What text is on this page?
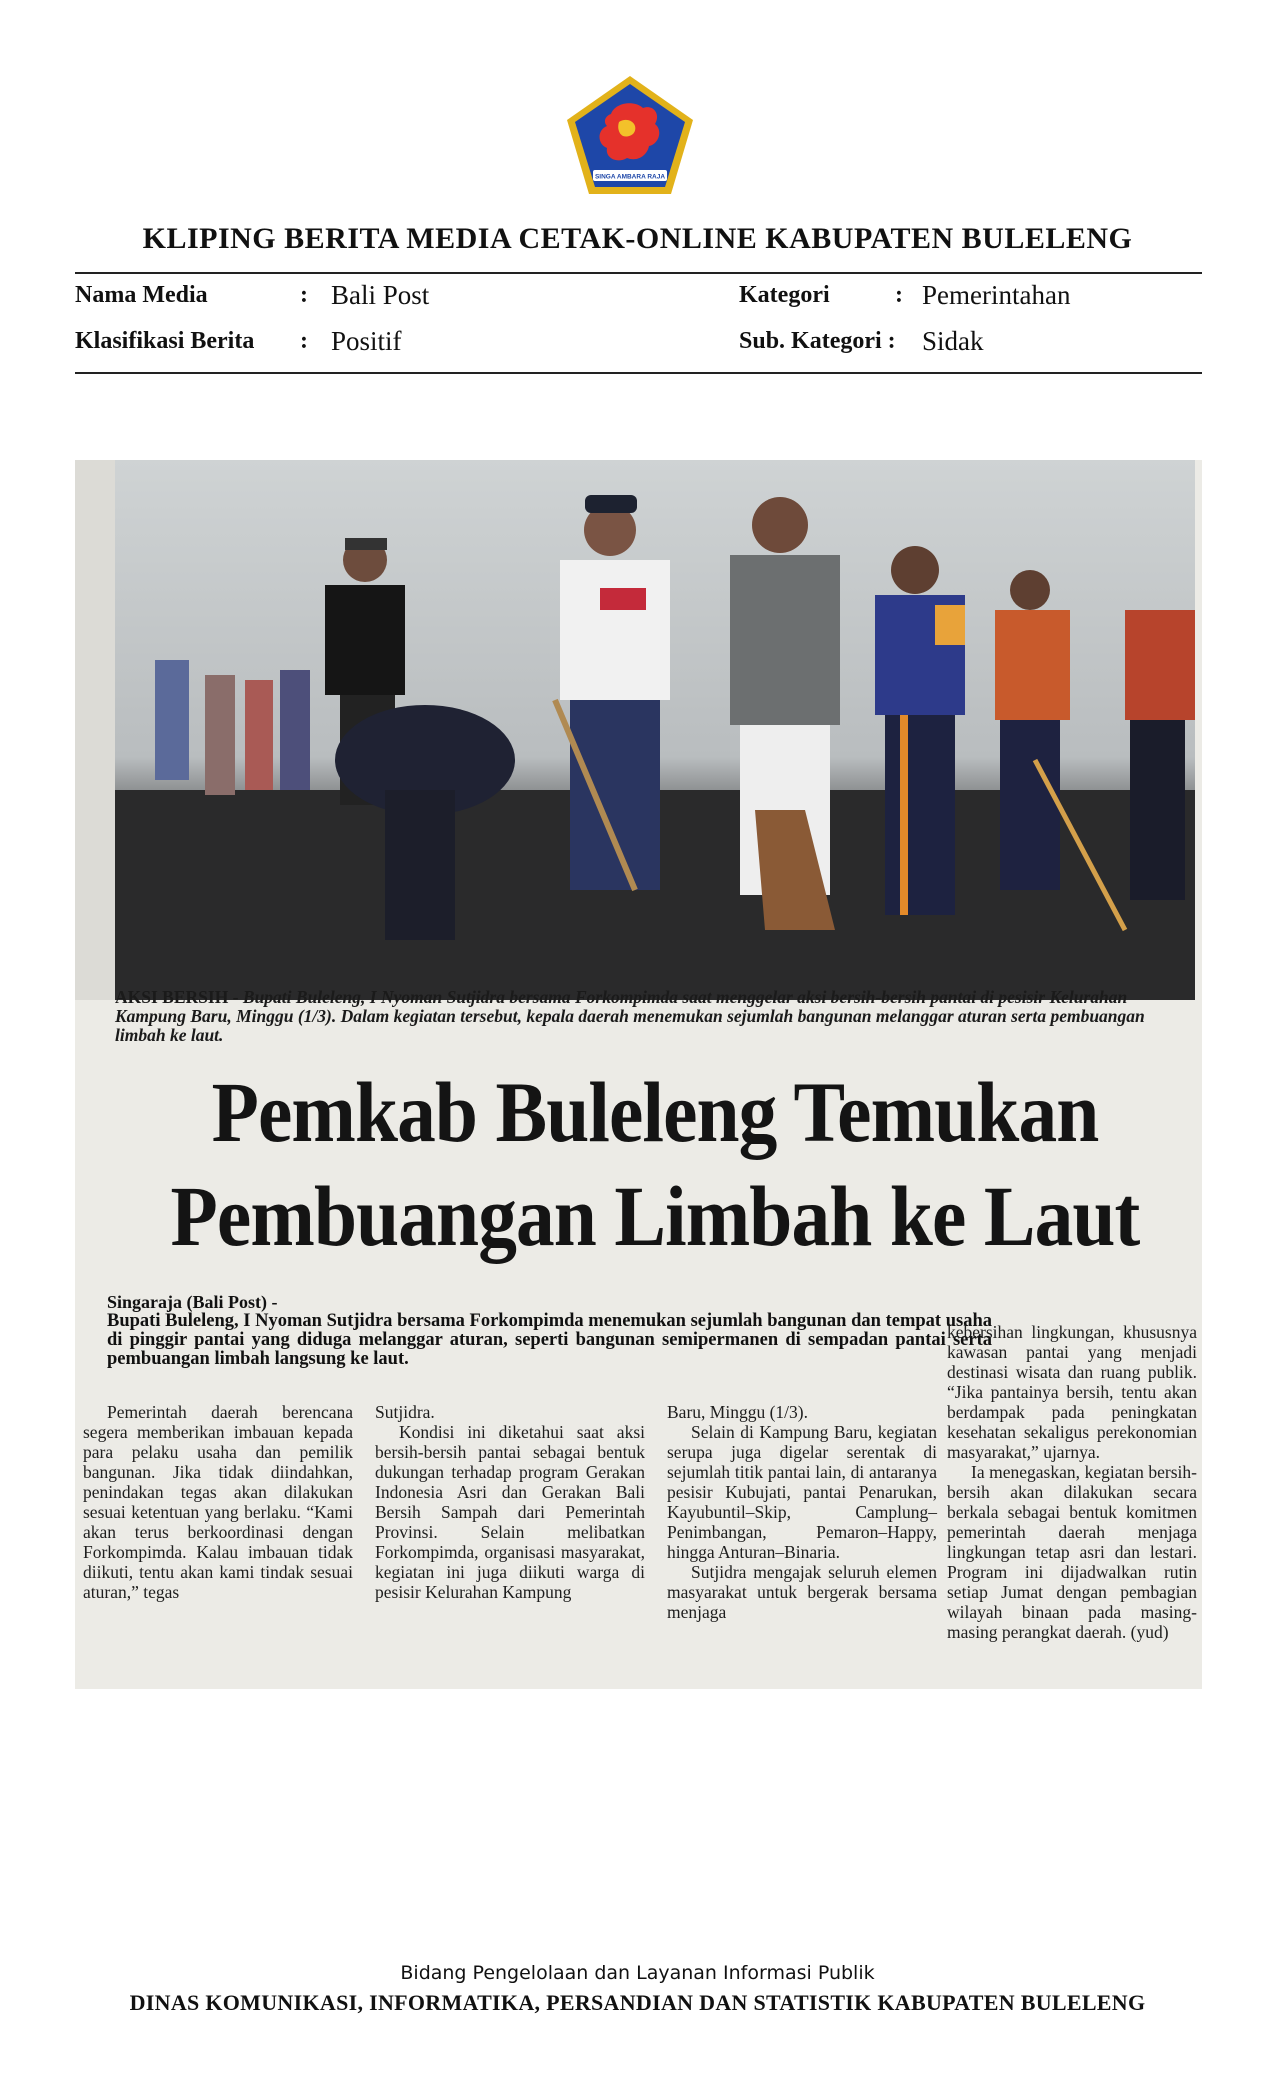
SINGA AMBARA RAJA
KLIPING BERITA MEDIA CETAK-ONLINE KABUPATEN BULELENG
Nama Media	: Bali Post
Klasifikasi Berita : Positif
Kategori	: Pemerintahan
Sub. Kategori : Sidak
AKSI BERSIH - Bupati Buleleng, I Nyoman Sutjidra bersama Forkompimda saat menggelar aksi bersih-bersih pantai di pesisir Kelurahan Kampung Baru, Minggu (1/3). Dalam kegiatan tersebut, kepala daerah menemukan sejumlah bangunan melanggar aturan serta pembuangan limbah ke laut.
Pemkab Buleleng Temukan
Pembuangan Limbah ke Laut
Singaraja (Bali Post) -
Bupati Buleleng, I Nyoman Sutjidra bersama Forkompimda menemukan sejumlah bangunan dan tempat usaha di pinggir pantai yang diduga melanggar aturan, seperti bangunan semipermanen di sempadan pantai serta pembuangan limbah langsung ke laut.

Pemerintah daerah berencana segera memberikan imbauan kepada para pelaku usaha dan pemilik bangunan. Jika tidak diindahkan, penindakan tegas akan dilakukan sesuai ketentuan yang berlaku. “Kami akan terus berkoordinasi dengan Forkompimda. Kalau imbauan tidak diikuti, tentu akan kami tindak sesuai aturan,” tegas

Sutjidra.

Kondisi ini diketahui saat aksi bersih-bersih pantai sebagai bentuk dukungan terhadap program Gerakan Indonesia Asri dan Gerakan Bali Bersih Sampah dari Pemerintah Provinsi. Selain melibatkan Forkompimda, organisasi masyarakat, kegiatan ini juga diikuti warga di pesisir Kelurahan Kampung

Baru, Minggu (1/3).

Selain di Kampung Baru, kegiatan serupa juga digelar serentak di sejumlah titik pantai lain, di antaranya pesisir Kubujati, pantai Penarukan, Kayubuntil–Skip, Camplung–Penimbangan, Pemaron–Happy, hingga Anturan–Binaria.

Sutjidra mengajak seluruh elemen masyarakat untuk bergerak bersama menjaga

kebersihan lingkungan, khususnya kawasan pantai yang menjadi destinasi wisata dan ruang publik. “Jika pantainya bersih, tentu akan berdampak pada peningkatan kesehatan sekaligus perekonomian masyarakat,” ujarnya.

Ia menegaskan, kegiatan bersih-bersih akan dilakukan secara berkala sebagai bentuk komitmen pemerintah daerah menjaga lingkungan tetap asri dan lestari. Program ini dijadwalkan rutin setiap Jumat dengan pembagian wilayah binaan pada masing-masing perangkat daerah. (yud)

Bidang Pengelolaan dan Layanan Informasi Publik
DINAS KOMUNIKASI, INFORMATIKA, PERSANDIAN DAN STATISTIK KABUPATEN BULELENG
